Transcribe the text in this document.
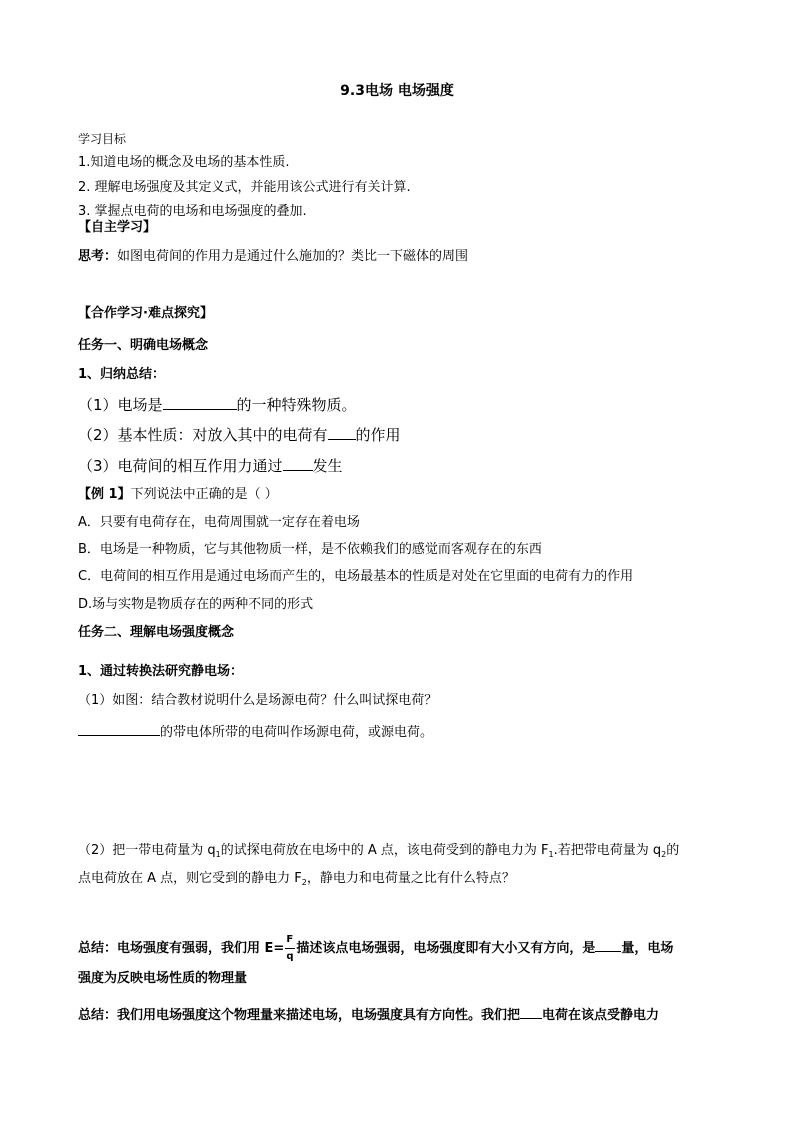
9.3电场 电场强度
学习目标
1.知道电场的概念及电场的基本性质.
2. 理解电场强度及其定义式，并能用该公式进行有关计算.
3. 掌握点电荷的电场和电场强度的叠加.
【自主学习】
思考：如图电荷间的作用力是通过什么施加的？类比一下磁体的周围
【合作学习·难点探究】
任务一、明确电场概念
1、归纳总结：
（1）电场是	的一种特殊物质。
（2）基本性质：对放入其中的电荷有 的作用
（3）电荷间的相互作用力通过 发生
【例 1】下列说法中正确的是（ ）
A．只要有电荷存在，电荷周围就一定存在着电场
B．电场是一种物质，它与其他物质一样，是不依赖我们的感觉而客观存在的东西
C．电荷间的相互作用是通过电场而产生的，电场最基本的性质是对处在它里面的电荷有力的作用
D.场与实物是物质存在的两种不同的形式
任务二、理解电场强度概念
1、通过转换法研究静电场：
（1）如图：结合教材说明什么是场源电荷？什么叫试探电荷？
的带电体所带的电荷叫作场源电荷，或源电荷。
（2）把一带电荷量为 $q_1$的试探电荷放在电场中的 A 点，该电荷受到的静电力为 $F_1$.若把带电荷量为 $q_2$的
点电荷放在 A 点，则它受到的静电力 $F_2$，静电力和电荷量之比有什么特点？
总结：电场强度有强弱，我们用 $E= \frac{F}{q}$ 描述该点电场强弱，电场强度即有大小又有方向，是 量，电场
强度为反映电场性质的物理量
总结：我们用电场强度这个物理量来描述电场，电场强度具有方向性。我们把 电荷在该点受静电力
